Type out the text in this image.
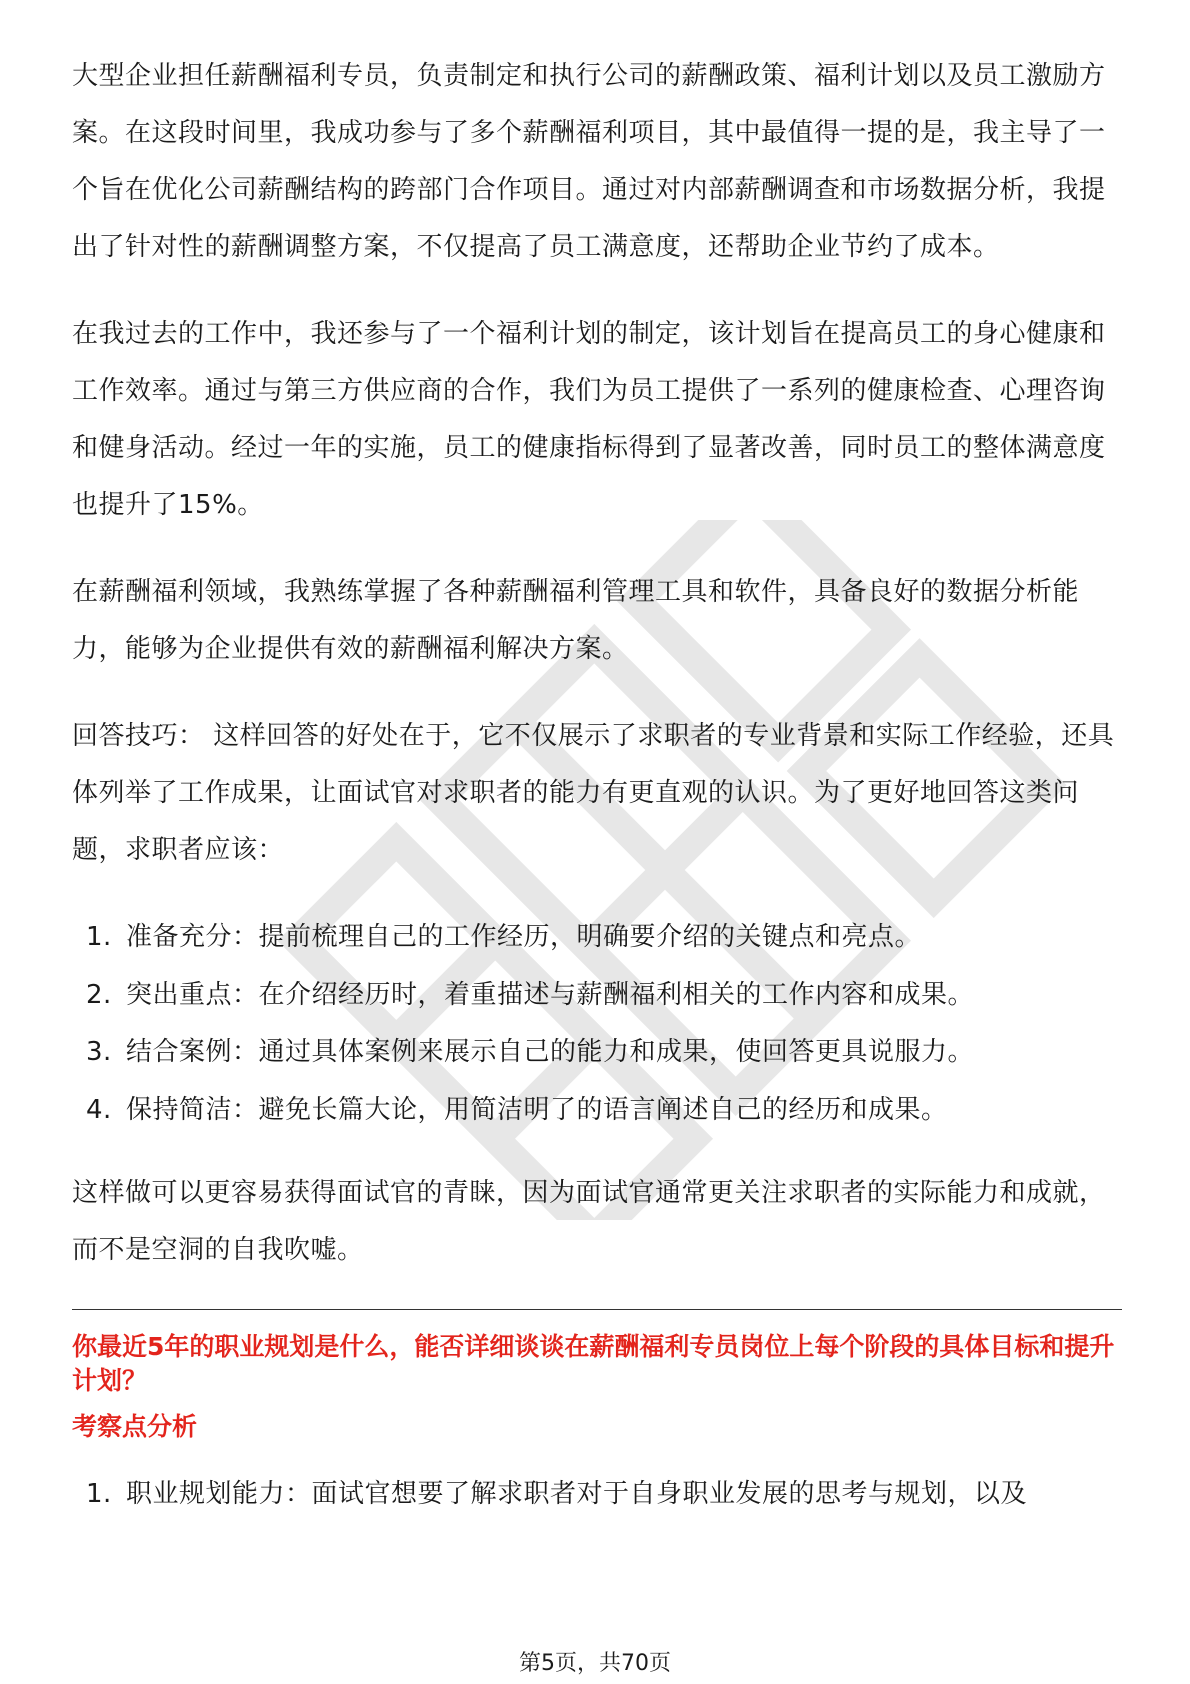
大型企业担任薪酬福利专员，负责制定和执行公司的薪酬政策、福利计划以及员工激励方案。在这段时间里，我成功参与了多个薪酬福利项目，其中最值得一提的是，我主导了一个旨在优化公司薪酬结构的跨部门合作项目。通过对内部薪酬调查和市场数据分析，我提出了针对性的薪酬调整方案，不仅提高了员工满意度，还帮助企业节约了成本。

在我过去的工作中，我还参与了一个福利计划的制定，该计划旨在提高员工的身心健康和工作效率。通过与第三方供应商的合作，我们为员工提供了一系列的健康检查、心理咨询和健身活动。经过一年的实施，员工的健康指标得到了显著改善，同时员工的整体满意度也提升了15%。

在薪酬福利领域，我熟练掌握了各种薪酬福利管理工具和软件，具备良好的数据分析能力，能够为企业提供有效的薪酬福利解决方案。

回答技巧： 这样回答的好处在于，它不仅展示了求职者的专业背景和实际工作经验，还具体列举了工作成果，让面试官对求职者的能力有更直观的认识。为了更好地回答这类问题，求职者应该：

1. 准备充分：提前梳理自己的工作经历，明确要介绍的关键点和亮点。
2. 突出重点：在介绍经历时，着重描述与薪酬福利相关的工作内容和成果。
3. 结合案例：通过具体案例来展示自己的能力和成果，使回答更具说服力。
4. 保持简洁：避免长篇大论，用简洁明了的语言阐述自己的经历和成果。

这样做可以更容易获得面试官的青睐，因为面试官通常更关注求职者的实际能力和成就，而不是空洞的自我吹嘘。

你最近5年的职业规划是什么，能否详细谈谈在薪酬福利专员岗位上每个阶段的具体目标和提升计划？
考察点分析
1. 职业规划能力：面试官想要了解求职者对于自身职业发展的思考与规划，以及
第5页，共70页
